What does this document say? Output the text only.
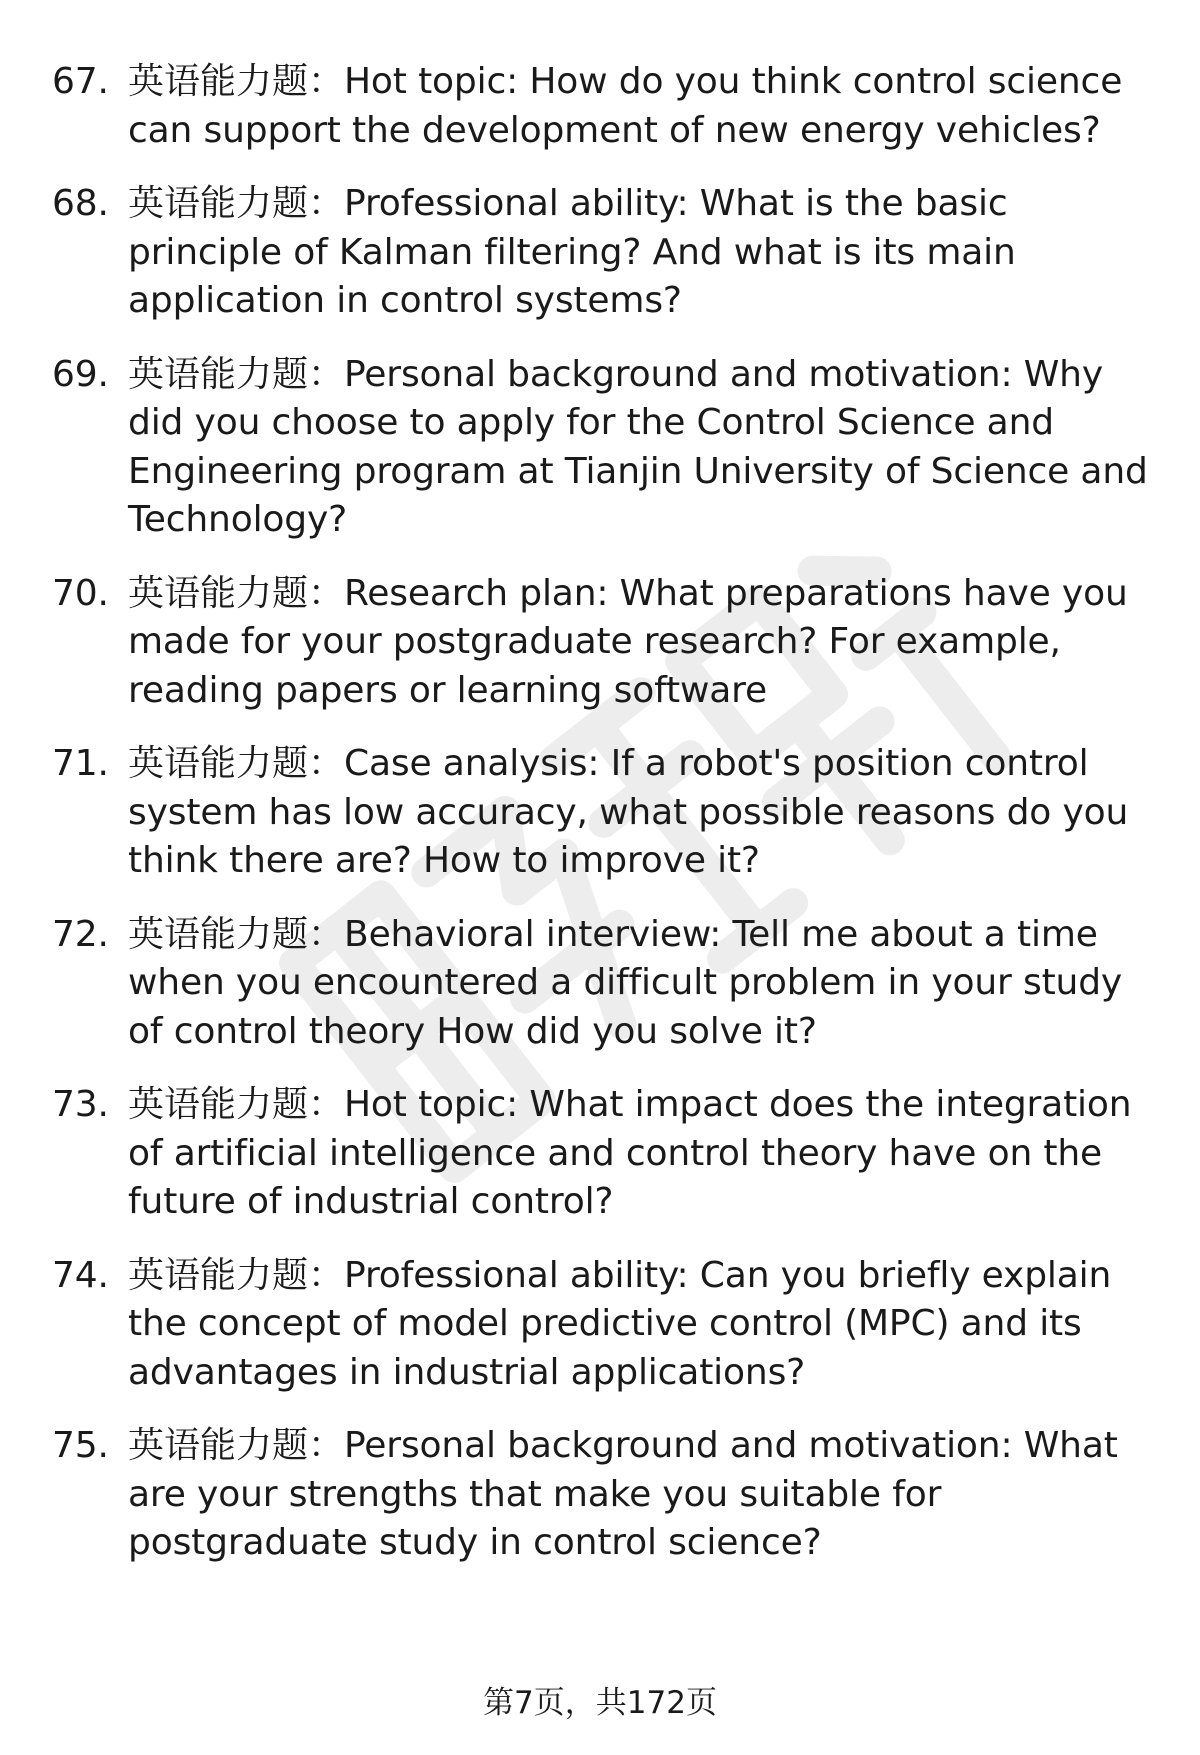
67. 英语能力题：Hot topic: How do you think control science can support the development of new energy vehicles?
68. 英语能力题：Professional ability: What is the basic principle of Kalman filtering? And what is its main application in control systems?
69. 英语能力题：Personal background and motivation: Why did you choose to apply for the Control Science and Engineering program at Tianjin University of Science and Technology?
70. 英语能力题：Research plan: What preparations have you made for your postgraduate research? For example, reading papers or learning software
71. 英语能力题：Case analysis: If a robot's position control system has low accuracy, what possible reasons do you think there are? How to improve it?
72. 英语能力题：Behavioral interview: Tell me about a time when you encountered a difficult problem in your study of control theory How did you solve it?
73. 英语能力题：Hot topic: What impact does the integration of artificial intelligence and control theory have on the future of industrial control?
74. 英语能力题：Professional ability: Can you briefly explain the concept of model predictive control (MPC) and its advantages in industrial applications?
75. 英语能力题：Personal background and motivation: What are your strengths that make you suitable for postgraduate study in control science?
第7页，共172页
